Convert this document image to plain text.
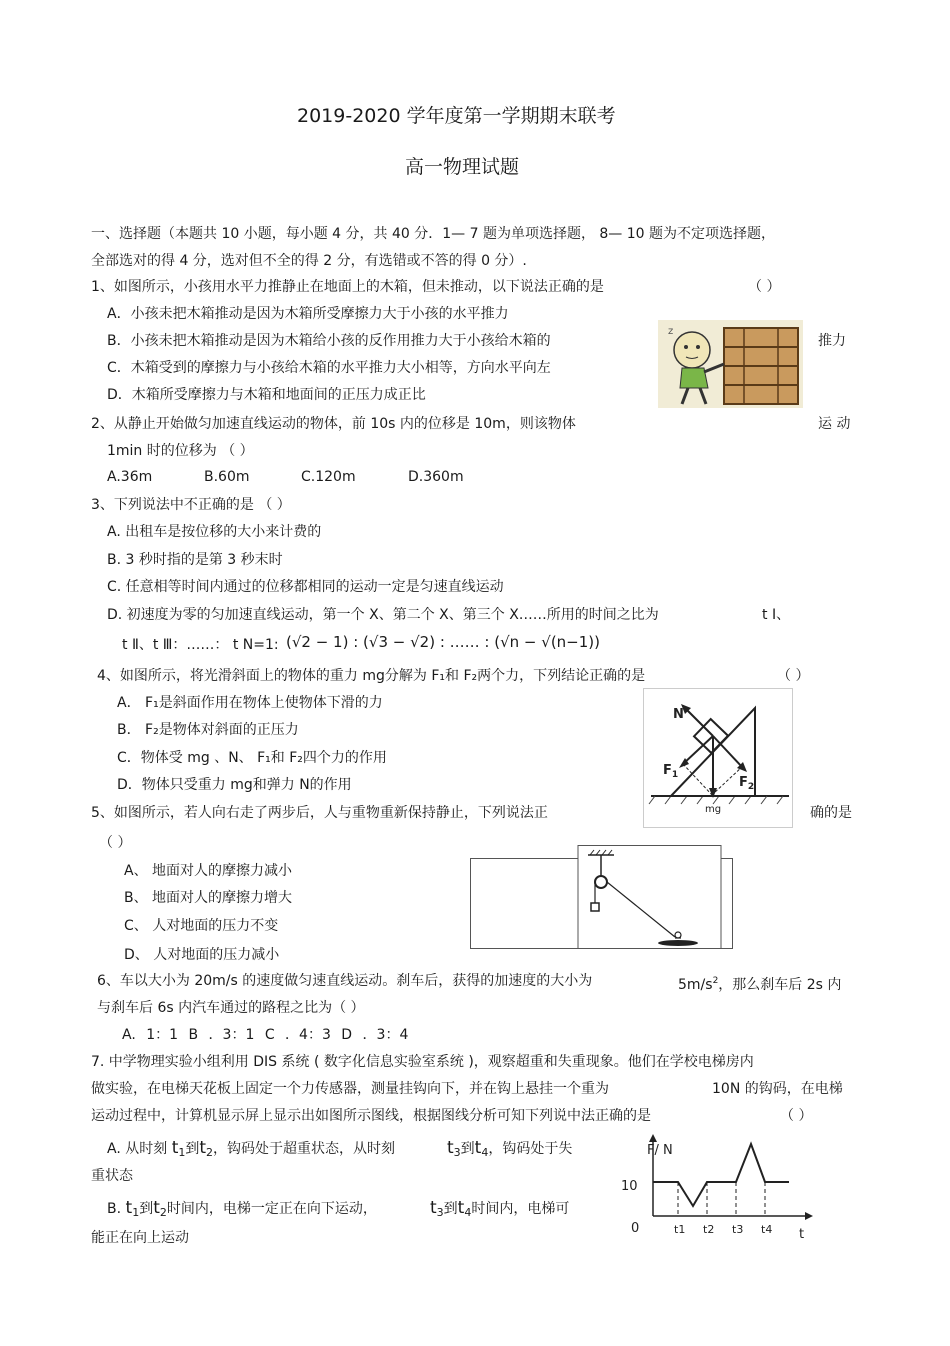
2019-2020 学年度第一学期期末联考
高一物理试题
一、选择题（本题共 10 小题，每小题 4 分，共 40 分．1— 7 题为单项选择题， 8— 10 题为不定项选择题，
全部选对的得 4 分，选对但不全的得 2 分，有选错或不答的得 0 分）.
1、如图所示，小孩用水平力推静止在地面上的木箱，但未推动，以下说法正确的是	（ ）
A．小孩未把木箱推动是因为木箱所受摩擦力大于小孩的水平推力
B．小孩未把木箱推动是因为木箱给小孩的反作用推力大于小孩给木箱的	推力
C．木箱受到的摩擦力与小孩给木箱的水平推力大小相等，方向水平向左
D．木箱所受摩擦力与木箱和地面间的正压力成正比
z
2、从静止开始做匀加速直线运动的物体，前 10s 内的位移是 10m，则该物体	运 动
1min 时的位移为 （ ）
A.36m	B.60m	C.120m	D.360m
3、下列说法中不正确的是 （ ）
A. 出租车是按位移的大小来计费的
B. 3 秒时指的是第 3 秒末时
C. 任意相等时间内通过的位移都相同的运动一定是匀速直线运动
D. 初速度为零的匀加速直线运动，第一个 X、第二个 X、第三个 X……所用的时间之比为	t Ⅰ、
t Ⅱ、t Ⅲ：……： t N=1: (√2 − 1) : (√3 − √2) : …… : (√n − √(n−1))
4、如图所示，将光滑斜面上的物体的重力 mg分解为 F₁和 F₂两个力，下列结论正确的是	（ ）
A． F₁是斜面作用在物体上使物体下滑的力
B． F₂是物体对斜面的正压力
C．物体受 mg 、N、 F₁和 F₂四个力的作用
D．物体只受重力 mg和弹力 N的作用
N
$F_1$	$F_2$
mg
5、如图所示，若人向右走了两步后，人与重物重新保持静止，下列说法正	确的是
（ ）
A、 地面对人的摩擦力减小
B、 地面对人的摩擦力增大
C、 人对地面的压力不变
D、 人对地面的压力减小
6、车以大小为 20m/s 的速度做匀速直线运动。刹车后，获得的加速度的大小为	$5m/s^2$，那么刹车后 2s 内
与刹车后 6s 内汽车通过的路程之比为（ ）
A. 1：1 B ．3：1 C ．4：3 D ．3：4
7. 中学物理实验小组利用 DIS 系统 ( 数字化信息实验室系统 )，观察超重和失重现象。他们在学校电梯房内
做实验，在电梯天花板上固定一个力传感器，测量挂钩向下，并在钩上悬挂一个重为	10N 的钩码，在电梯
运动过程中，计算机显示屏上显示出如图所示图线，根据图线分析可知下列说中法正确的是	（ ）
A. 从时刻 $t_1$到$t_2$，钩码处于超重状态，从时刻	$t_3$到$t_4$，钩码处于失
重状态
B. $t_1$到$t_2$时间内，电梯一定正在向下运动，	$t_3$到$t_4$时间内，电梯可
能正在向上运动
F/ N
10
0	t1 t2 t3 t4 t
